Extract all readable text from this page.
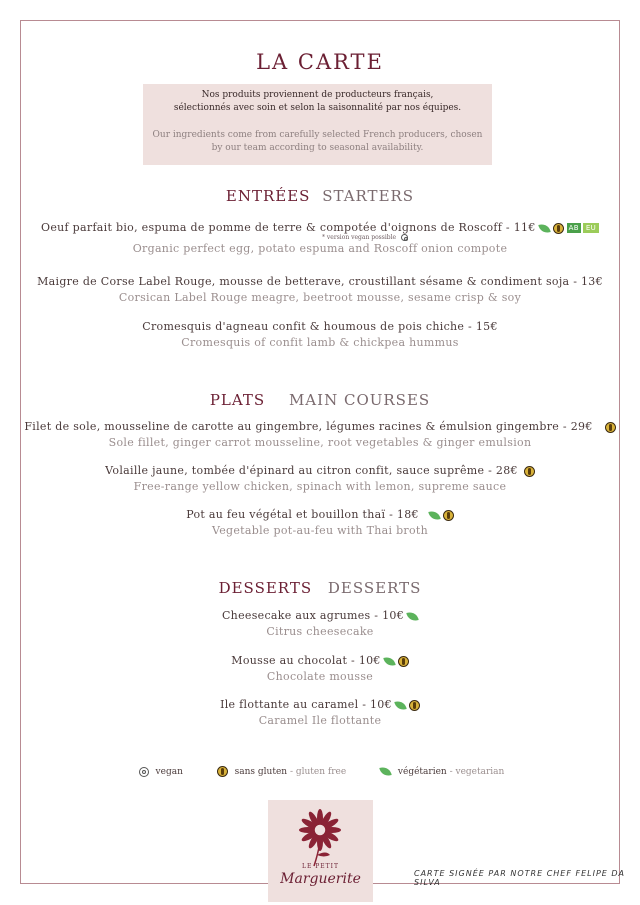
LA CARTE
Nos produits proviennent de producteurs français,
sélectionnés avec soin et selon la saisonnalité par nos équipes.
Our ingredients come from carefully selected French producers, chosen
by our team according to seasonal availability.
ENTRÉES STARTERS
Oeuf parfait bio, espuma de pomme de terre & compotée d'oignons de Roscoff - 11€	AB EU
* version vegan possible
Organic perfect egg, potato espuma and Roscoff onion compote
Maigre de Corse Label Rouge, mousse de betterave, croustillant sésame & condiment soja - 13€
Corsican Label Rouge meagre, beetroot mousse, sesame crisp & soy
Cromesquis d'agneau confit & houmous de pois chiche - 15€
Cromesquis of confit lamb & chickpea hummus
PLATS MAIN COURSES
Filet de sole, mousseline de carotte au gingembre, légumes racines & émulsion gingembre - 29€
Sole fillet, ginger carrot mousseline, root vegetables & ginger emulsion
Volaille jaune, tombée d'épinard au citron confit, sauce suprême - 28€
Free-range yellow chicken, spinach with lemon, supreme sauce
Pot au feu végétal et bouillon thaï - 18€
Vegetable pot-au-feu with Thai broth
DESSERTS DESSERTS
Cheesecake aux agrumes - 10€
Citrus cheesecake
Mousse au chocolat - 10€
Chocolate mousse
Ile flottante au caramel - 10€
Caramel Ile flottante
vegan	sans gluten - gluten free	végétarien - vegetarian
LE PETIT
Marguerite	CARTE SIGNÉE PAR NOTRE CHEF FELIPE DA SILVA
